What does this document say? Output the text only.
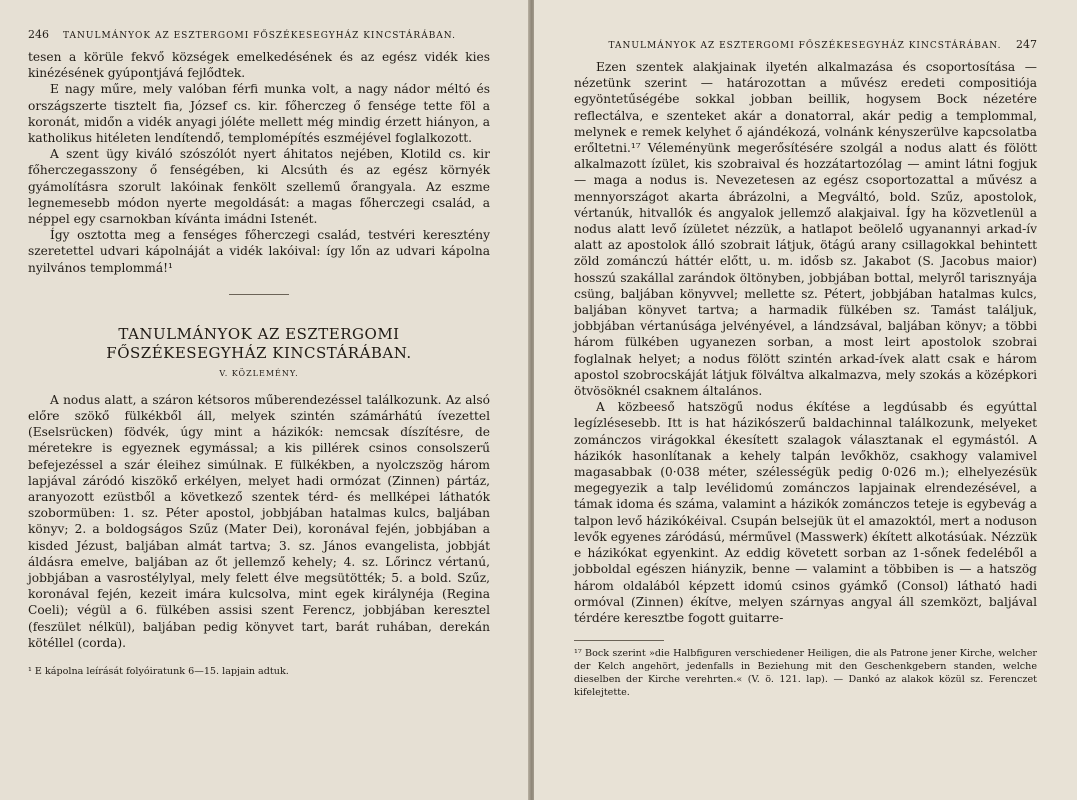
246 TANULMÁNYOK AZ ESZTERGOMI FŐSZÉKESEGYHÁZ KINCSTÁRÁBAN.

tesen a körüle fekvő községek emelkedésének és az egész vidék kies kinézésének gyúpontjává fejlődtek.

E nagy műre, mely valóban férfi munka volt, a nagy nádor méltó és országszerte tisztelt fia, József cs. kir. főherczeg ő fensége tette föl a koronát, midőn a vidék anyagi jóléte mellett még mindig érzett hiányon, a katholikus hitéleten lendítendő, templomépítés eszméjével foglalkozott.

A szent ügy kiváló szószólót nyert áhitatos nejében, Klotild cs. kir főherczegasszony ő fenségében, ki Alcsúth és az egész környék gyámolításra szorult lakóinak fenkölt szellemű őrangyala. Az eszme legnemesebb módon nyerte megoldását: a magas főherczegi család, a néppel egy csarnokban kívánta imádni Istenét.

Így osztotta meg a fenséges főherczegi család, testvéri keresztény szeretettel udvari kápolnáját a vidék lakóival: így lőn az udvari kápolna nyilvános templommá!¹

TANULMÁNYOK AZ ESZTERGOMI FŐSZÉKESEGYHÁZ KINCSTÁRÁBAN.
V. KÖZLEMÉNY.

A nodus alatt, a száron kétsoros műberendezéssel találkozunk. Az alsó előre szökő fülkékből áll, melyek szintén számárhátú ívezettel (Eselsrücken) födvék, úgy mint a házikók: nemcsak díszítésre, de méretekre is egyeznek egymással; a kis pillérek csinos consolszerű befejezéssel a szár éleihez simúlnak. E fülkékben, a nyolczszög három lapjával záródó kiszökő erkélyen, melyet hadi ormózat (Zinnen) pártáz, aranyozott ezüstből a következő szentek térd- és mellképei láthatók szobormüben: 1. sz. Péter apostol, jobbjában hatalmas kulcs, baljában könyv; 2. a boldogságos Szűz (Mater Dei), koronával fején, jobbjában a kisded Jézust, baljában almát tartva; 3. sz. János evangelista, jobbját áldásra emelve, baljában az őt jellemző kehely; 4. sz. Lőrincz vértanú, jobbjában a vasrostélylyal, mely felett élve megsütötték; 5. a bold. Szűz, koronával fején, kezeit imára kulcsolva, mint egek királynéja (Regina Coeli); végül a 6. fülkében assisi szent Ferencz, jobbjában keresztel (feszület nélkül), baljában pedig könyvet tart, barát ruhában, derekán kötéllel (corda).

¹ E kápolna leírását folyóiratunk 6—15. lapjain adtuk.
TANULMÁNYOK AZ ESZTERGOMI FŐSZÉKESEGYHÁZ KINCSTÁRÁBAN. 247

Ezen szentek alakjainak ilyetén alkalmazása és csoportosítása — nézetünk szerint — határozottan a művész eredeti compositiója egyöntetűségébe sokkal jobban beillik, hogysem Bock nézetére reflectálva, e szenteket akár a donatorral, akár pedig a templommal, melynek e remek kelyhet ő ajándékozá, volnánk kényszerülve kapcsolatba erőltetni.¹⁷ Véleményünk megerősítésére szolgál a nodus alatt és fölött alkalmazott ízület, kis szobraival és hozzátartozólag — amint látni fogjuk — maga a nodus is. Nevezetesen az egész csoportozattal a művész a mennyországot akarta ábrázolni, a Megváltó, bold. Szűz, apostolok, vértanúk, hitvallók és angyalok jellemző alakjaival. Így ha közvetlenül a nodus alatt levő ízületet nézzük, a hatlapot beölelő ugyanannyi arkad-ív alatt az apostolok álló szobrait látjuk, ötágú arany csillagokkal behintett zöld zománczú háttér előtt, u. m. idősb sz. Jakabot (S. Jacobus maior) hosszú szakállal zarándok öltönyben, jobbjában bottal, melyről tarisznyája csüng, baljában könyvvel; mellette sz. Pétert, jobbjában hatalmas kulcs, baljában könyvet tartva; a harmadik fülkében sz. Tamást találjuk, jobbjában vértanúsága jelvényével, a lándzsával, baljában könyv; a többi három fülkében ugyanezen sorban, a most leirt apostolok szobrai foglalnak helyet; a nodus fölött szintén arkad-ívek alatt csak e három apostol szobrocskáját látjuk fölváltva alkalmazva, mely szokás a középkori ötvösöknél csaknem általános.

A közbeeső hatszögű nodus ékítése a legdúsabb és egyúttal legízlésesebb. Itt is hat házikószerű baldachinnal találkozunk, melyeket zománczos virágokkal ékesített szalagok választanak el egymástól. A házikók hasonlítanak a kehely talpán levőkhöz, csakhogy valamivel magasabbak (0·038 méter, szélességük pedig 0·026 m.); elhelyezésük megegyezik a talp levélidomú zománczos lapjainak elrendezésével, a támak idoma és száma, valamint a házikók zománczos teteje is egybevág a talpon levő házikókéival. Csupán belsejük üt el amazoktól, mert a noduson levők egyenes záródású, mérművel (Masswerk) ékített alkotásúak. Nézzük e házikókat egyenkint. Az eddig követett sorban az 1-sőnek fedeléből a jobboldal egészen hiányzik, benne — valamint a többiben is — a hatszög három oldalából képzett idomú csinos gyámkő (Consol) látható hadi ormóval (Zinnen) ékítve, melyen szárnyas angyal áll szemközt, baljával térdére keresztbe fogott guitarre-

¹⁷ Bock szerint »die Halbfiguren verschiedener Heiligen, die als Patrone jener Kirche, welcher der Kelch angehört, jedenfalls in Beziehung mit den Geschenkgebern standen, welche dieselben der Kirche verehrten.« (V. ö. 121. lap). — Dankó az alakok közül sz. Ferenczet kifelejtette.
